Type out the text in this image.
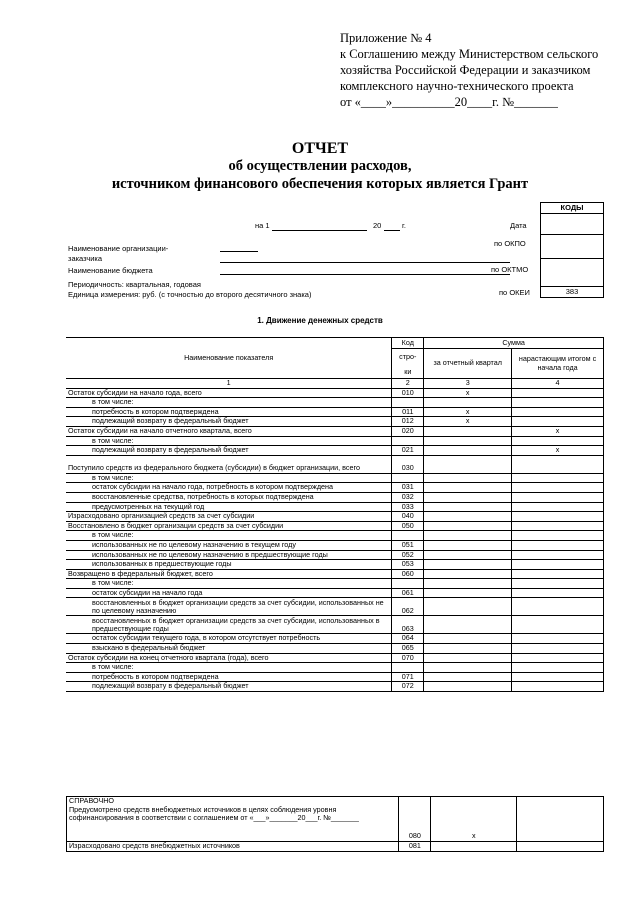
Приложение № 4
к Соглашению между Министерством сельского
хозяйства Российской Федерации и заказчиком
комплексного научно-технического проекта
от «____»__________20____г. №_______
ОТЧЕТ
об осуществлении расходов,
источником финансового обеспечения которых является Грант
на 1	20	г.
Наименование организации-
заказчика
Наименование бюджета
Периодичность: квартальная, годовая
Единица измерения: руб. (с точностью до второго десятичного знака)
Дата
по ОКПО
по ОКТМО
по ОКЕИ
КОДЫ
383
1. Движение денежных средств
Наименование показателя	Код	Сумма	
	стро-	за отчетный квартал	нарастающим итогом с начала года
	ки		
1	2	3	4
Остаток субсидии на начало года, всего	010	x	
в том числе:			
потребность в котором подтверждена	011	x	
подлежащий возврату в федеральный бюджет	012	x	
Остаток субсидии на начало отчетного квартала, всего	020		x
в том числе:			
подлежащий возврату в федеральный бюджет	021		x
Поступило средств из федерального бюджета (субсидии) в бюджет организации, всего	030		
в том числе:			
остаток субсидии на начало года, потребность в котором подтверждена	031		
восстановленные средства, потребность в которых подтверждена	032		
предусмотренных на текущий год	033		
Израсходовано организацией средств за счет субсидии	040		
Восстановлено в бюджет организации средств за счет субсидии	050		
в том числе:			
использованных не по целевому назначению в текущем году	051		
использованных не по целевому назначению в предшествующие годы	052		
использованных в предшествующие годы	053		
Возвращено в федеральный бюджет, всего	060		
в том числе:			
остаток субсидии на начало года	061		
восстановленных в бюджет организации средств за счет субсидии, использованных не по целевому назначению	062		
восстановленных в бюджет организации средств за счет субсидии, использованных в предшествующие годы	063		
остаток субсидии текущего года, в котором отсутствует потребность	064		
взыскано в федеральный бюджет	065		
Остаток субсидии на конец отчетного квартала (года), всего	070		
в том числе:			
потребность в котором подтверждена	071		
подлежащий возврату в федеральный бюджет	072		
СПРАВОЧНО
Предусмотрено средств внебюджетных источников в целях соблюдения уровня софинансирования в соответствии с соглашением от «___»_______20___г. №_______	080	x	
Израсходовано средств внебюджетных источников	081		
